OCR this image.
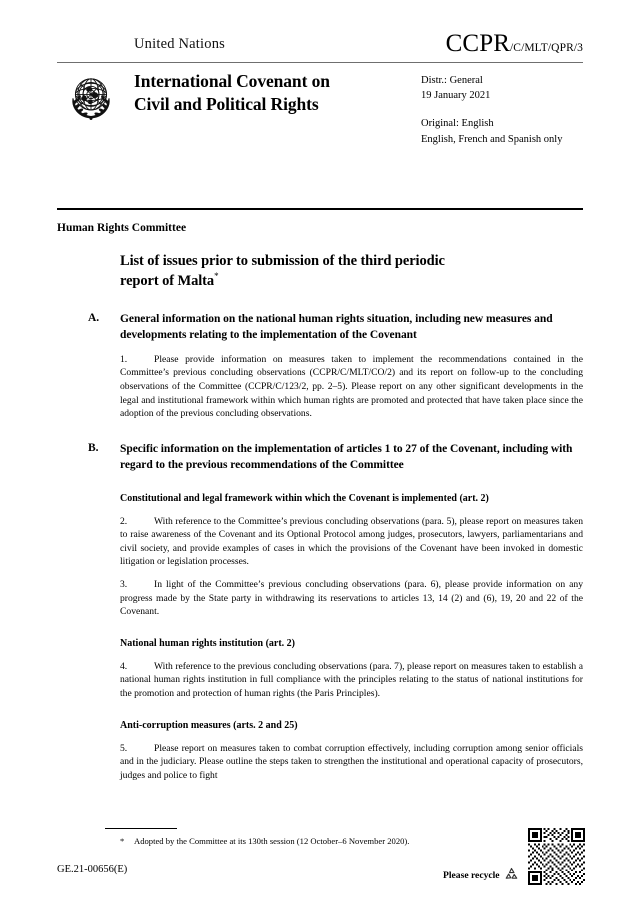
United Nations	CCPR/C/MLT/QPR/3
International Covenant on
Civil and Political Rights
Distr.: General
19 January 2021
Original: English
English, French and Spanish only
Human Rights Committee
List of issues prior to submission of the third periodic
report of Malta*
A.	General information on the national human rights situation, including new measures and developments relating to the implementation of the Covenant
1.	Please provide information on measures taken to implement the recommendations contained in the Committee’s previous concluding observations (CCPR/C/MLT/CO/2) and its report on follow-up to the concluding observations of the Committee (CCPR/C/123/2, pp. 2–5). Please report on any other significant developments in the legal and institutional framework within which human rights are promoted and protected that have taken place since the adoption of the previous concluding observations.
B.	Specific information on the implementation of articles 1 to 27 of the Covenant, including with regard to the previous recommendations of the Committee
Constitutional and legal framework within which the Covenant is implemented (art. 2)
2.	With reference to the Committee’s previous concluding observations (para. 5), please report on measures taken to raise awareness of the Covenant and its Optional Protocol among judges, prosecutors, lawyers, parliamentarians and civil society, and provide examples of cases in which the provisions of the Covenant have been invoked in domestic litigation or legislation processes.
3.	In light of the Committee’s previous concluding observations (para. 6), please provide information on any progress made by the State party in withdrawing its reservations to articles 13, 14 (2) and (6), 19, 20 and 22 of the Covenant.
National human rights institution (art. 2)
4.	With reference to the previous concluding observations (para. 7), please report on measures taken to establish a national human rights institution in full compliance with the principles relating to the status of national institutions for the promotion and protection of human rights (the Paris Principles).
Anti-corruption measures (arts. 2 and 25)
5.	Please report on measures taken to combat corruption effectively, including corruption among senior officials and in the judiciary. Please outline the steps taken to strengthen the institutional and operational capacity of prosecutors, judges and police to fight
* Adopted by the Committee at its 130th session (12 October–6 November 2020).
GE.21-00656(E)
Please recycle
